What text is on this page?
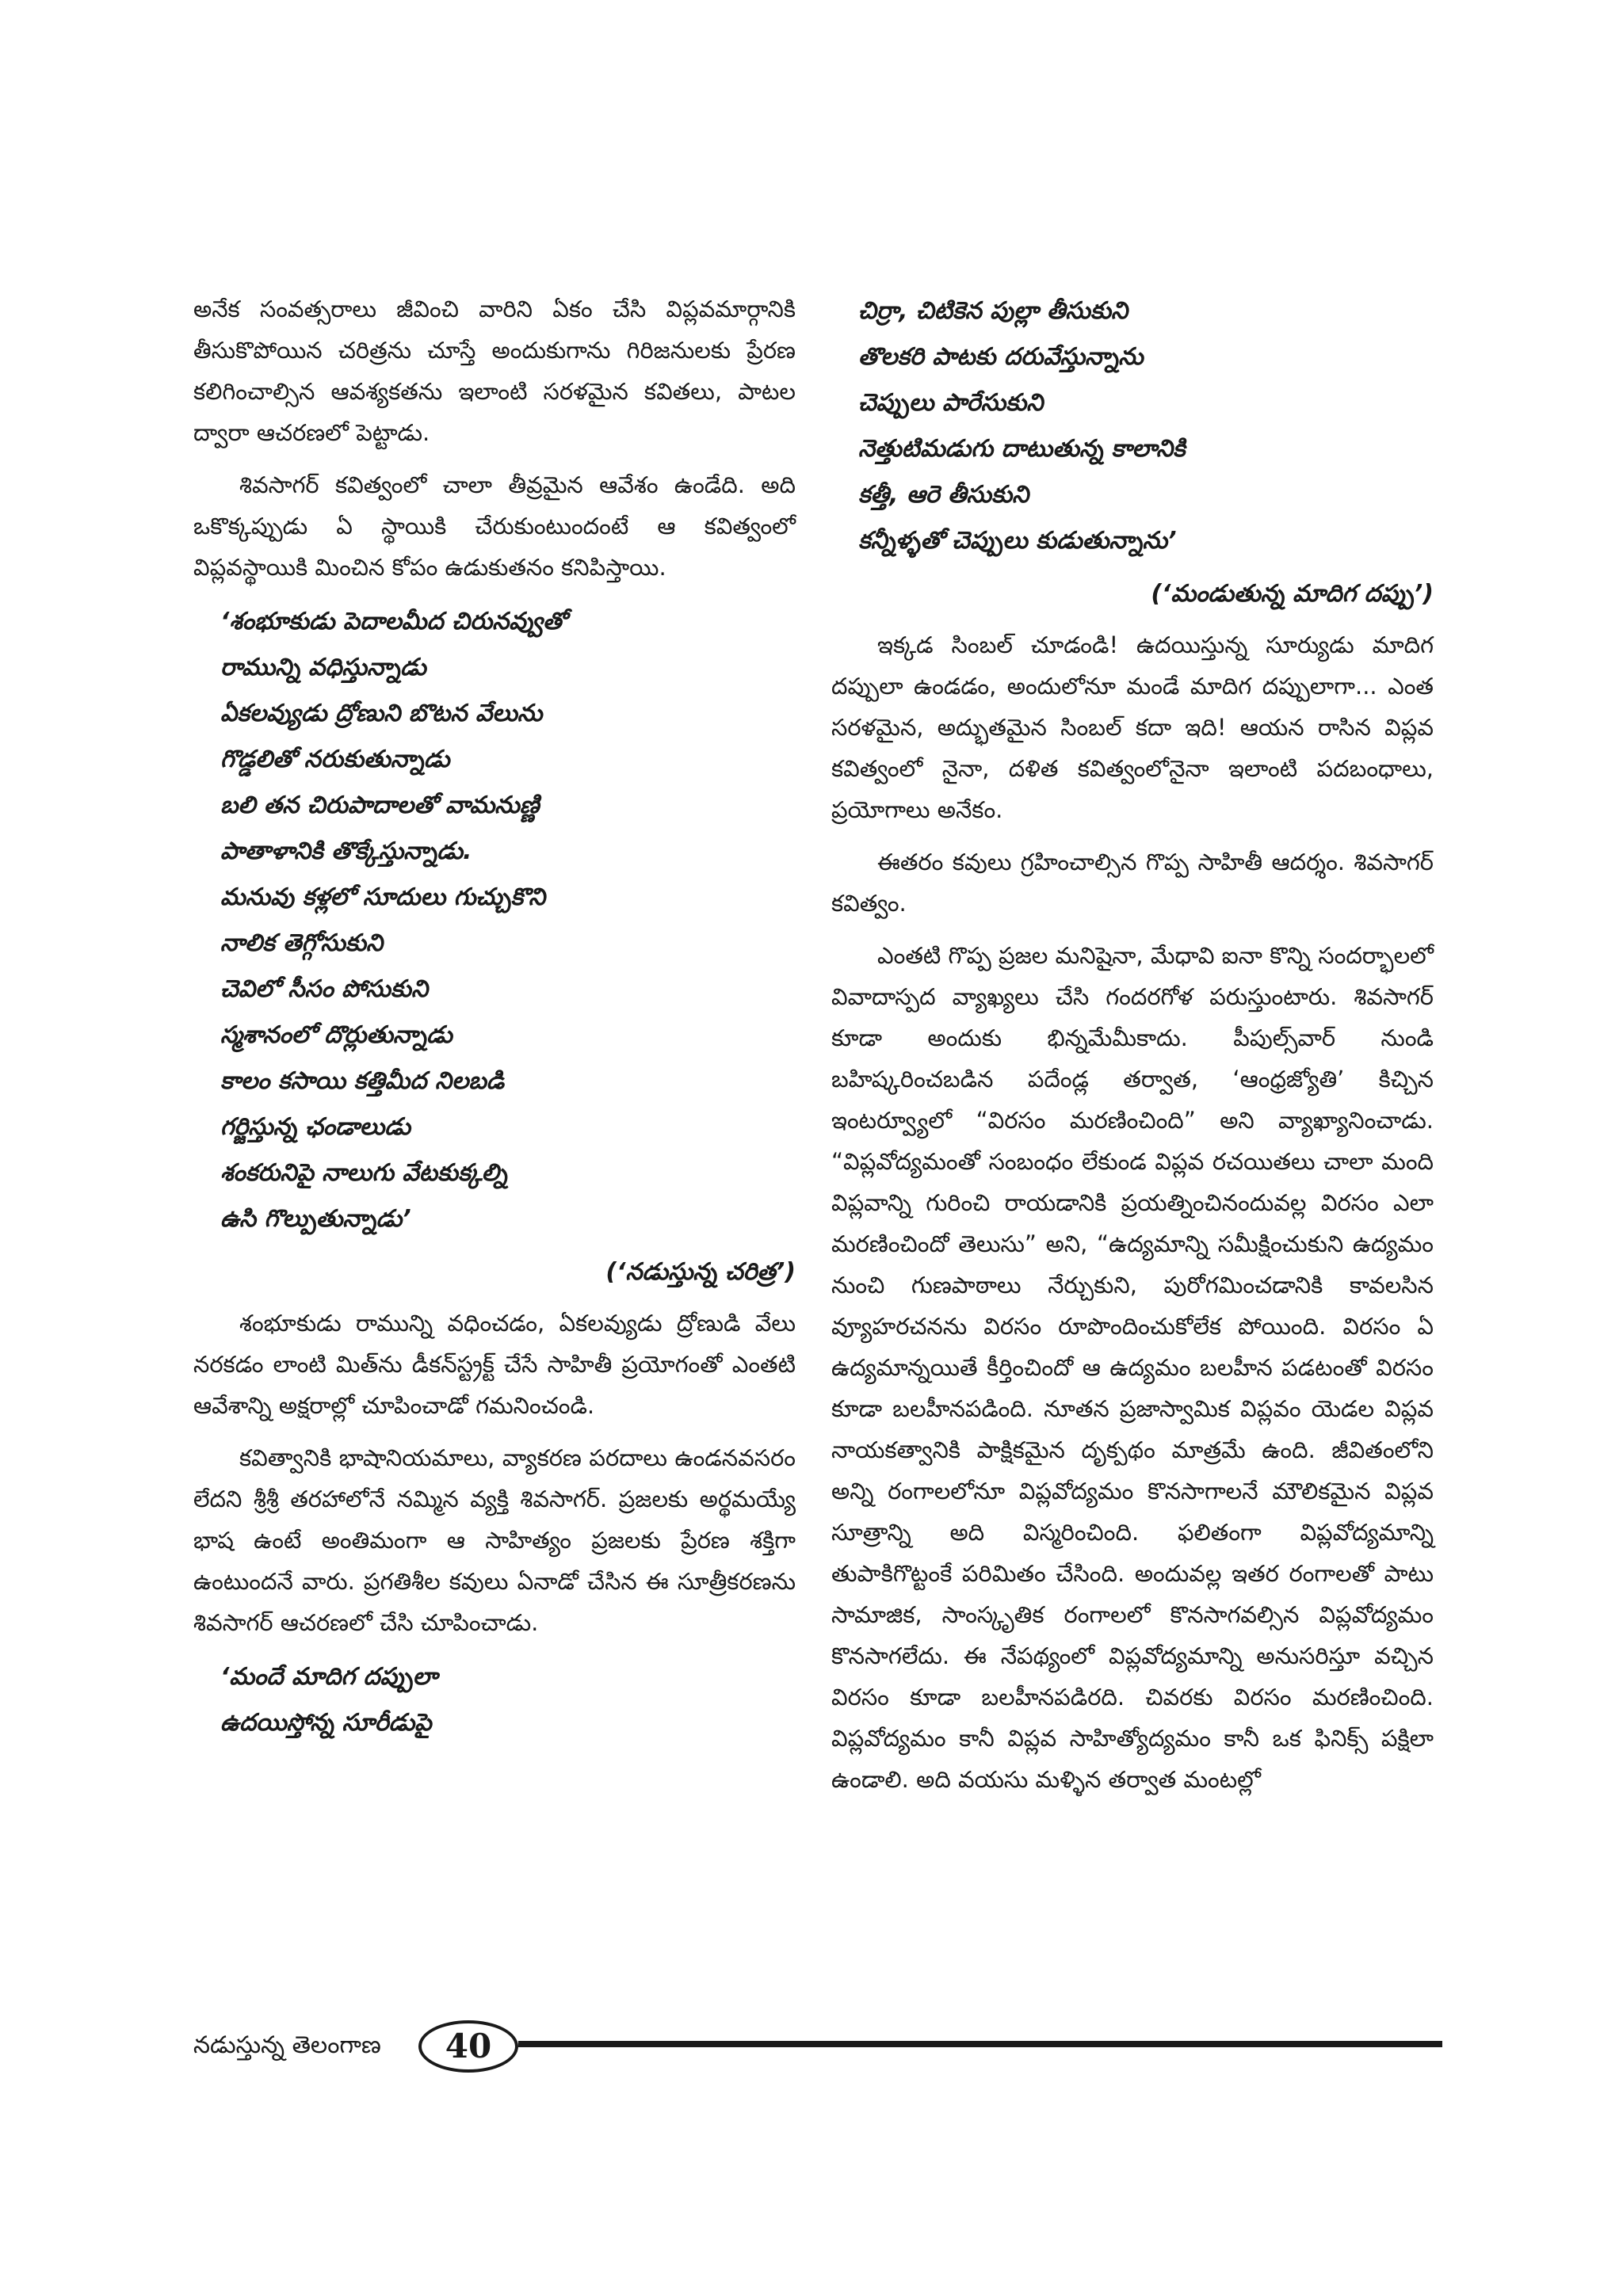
అనేక సంవత్సరాలు జీవించి వారిని ఏకం చేసి విప్లవమార్గానికి తీసుకొపోయిన చరిత్రను చూస్తే అందుకుగాను గిరిజనులకు ప్రేరణ కలిగించాల్సిన ఆవశ్యకతను ఇలాంటి సరళమైన కవితలు, పాటల ద్వారా ఆచరణలో పెట్టాడు.

శివసాగర్ కవిత్వంలో చాలా తీవ్రమైన ఆవేశం ఉండేది. అది ఒకొక్కప్పుడు ఏ స్థాయికి చేరుకుంటుందంటే ఆ కవిత్వంలో విప్లవస్థాయికి మించిన కోపం ఉడుకుతనం కనిపిస్తాయి.

‘శంభూకుడు పెదాలమీద చిరునవ్వుతో
రామున్ని వధిస్తున్నాడు
ఏకలవ్యుడు ద్రోణుని బొటన వేలును
గొడ్డలితో నరుకుతున్నాడు
బలి తన చిరుపాదాలతో వామనుణ్ణి
పాతాళానికి తొక్కేస్తున్నాడు.
మనువు కళ్లలో సూదులు గుచ్చుకొని
నాలిక తెగ్గోసుకుని
చెవిలో సీసం పోసుకుని
స్మశానంలో దొర్లుతున్నాడు
కాలం కసాయి కత్తిమీద నిలబడి
గర్జిస్తున్న ఛండాలుడు
శంకరునిపై నాలుగు వేటకుక్కల్ని
ఉసి గొల్పుతున్నాడు’
(‘నడుస్తున్న చరిత్ర’)

శంభూకుడు రామున్ని వధించడం, ఏకలవ్యుడు ద్రోణుడి వేలు నరకడం లాంటి మిత్‌ను డీకన్‌స్ట్రక్ట్ చేసే సాహితీ ప్రయోగంతో ఎంతటి ఆవేశాన్ని అక్షరాల్లో చూపించాడో గమనించండి.

కవిత్వానికి భాషానియమాలు, వ్యాకరణ పరదాలు ఉండనవసరం లేదని శ్రీశ్రీ తరహాలోనే నమ్మిన వ్యక్తి శివసాగర్. ప్రజలకు అర్థమయ్యే భాష ఉంటే అంతిమంగా ఆ సాహిత్యం ప్రజలకు ప్రేరణ శక్తిగా ఉంటుందనే వారు. ప్రగతిశీల కవులు ఏనాడో చేసిన ఈ సూత్రీకరణను శివసాగర్ ఆచరణలో చేసి చూపించాడు.

‘మందే మాదిగ దప్పులా
ఉదయిస్తోన్న సూరీడుపై
చిర్రా, చిటికెన పుల్లా తీసుకుని
తొలకరి పాటకు దరువేస్తున్నాను
చెప్పులు పారేసుకుని
నెత్తుటిమడుగు దాటుతున్న కాలానికి
కత్తీ, ఆరె తీసుకుని
కన్నీళ్ళతో చెప్పులు కుడుతున్నాను’
(‘మండుతున్న మాదిగ దప్పు’)

ఇక్కడ సింబల్ చూడండి! ఉదయిస్తున్న సూర్యుడు మాదిగ దప్పులా ఉండడం, అందులోనూ మండే మాదిగ దప్పులాగా... ఎంత సరళమైన, అద్భుతమైన సింబల్ కదా ఇది! ఆయన రాసిన విప్లవ కవిత్వంలో నైనా, దళిత కవిత్వంలోనైనా ఇలాంటి పదబంధాలు, ప్రయోగాలు అనేకం.

ఈతరం కవులు గ్రహించాల్సిన గొప్ప సాహితీ ఆదర్శం. శివసాగర్ కవిత్వం.

ఎంతటి గొప్ప ప్రజల మనిషైనా, మేధావి ఐనా కొన్ని సందర్భాలలో వివాదాస్పద వ్యాఖ్యలు చేసి గందరగోళ పరుస్తుంటారు. శివసాగర్ కూడా అందుకు భిన్నమేమీకాదు. పీపుల్స్‌వార్ నుండి బహిష్కరించబడిన పదేండ్ల తర్వాత, ‘ఆంధ్రజ్యోతి’ కిచ్చిన ఇంటర్వ్యూలో “విరసం మరణించింది” అని వ్యాఖ్యానించాడు. “విప్లవోద్యమంతో సంబంధం లేకుండ విప్లవ రచయితలు చాలా మంది విప్లవాన్ని గురించి రాయడానికి ప్రయత్నించినందువల్ల విరసం ఎలా మరణించిందో తెలుసు” అని, “ఉద్యమాన్ని సమీక్షించుకుని ఉద్యమం నుంచి గుణపాఠాలు నేర్చుకుని, పురోగమించడానికి కావలసిన వ్యూహరచనను విరసం రూపొందించుకోలేక పోయింది. విరసం ఏ ఉద్యమాన్నయితే కీర్తించిందో ఆ ఉద్యమం బలహీన పడటంతో విరసం కూడా బలహీనపడింది. నూతన ప్రజాస్వామిక విప్లవం యెడల విప్లవ నాయకత్వానికి పాక్షికమైన దృక్పథం మాత్రమే ఉంది. జీవితంలోని అన్ని రంగాలలోనూ విప్లవోద్యమం కొనసాగాలనే మౌలికమైన విప్లవ సూత్రాన్ని అది విస్మరించింది. ఫలితంగా విప్లవోద్యమాన్ని తుపాకిగొట్టంకే పరిమితం చేసింది. అందువల్ల ఇతర రంగాలతో పాటు సామాజిక, సాంస్కృతిక రంగాలలో కొనసాగవల్సిన విప్లవోద్యమం కొనసాగలేదు. ఈ నేపథ్యంలో విప్లవోద్యమాన్ని అనుసరిస్తూ వచ్చిన విరసం కూడా బలహీనపడిరది. చివరకు విరసం మరణించింది. విప్లవోద్యమం కానీ విప్లవ సాహిత్యోద్యమం కానీ ఒక ఫినిక్స్ పక్షిలా ఉండాలి. అది వయసు మళ్ళిన తర్వాత మంటల్లో

నడుస్తున్న తెలంగాణ	40
